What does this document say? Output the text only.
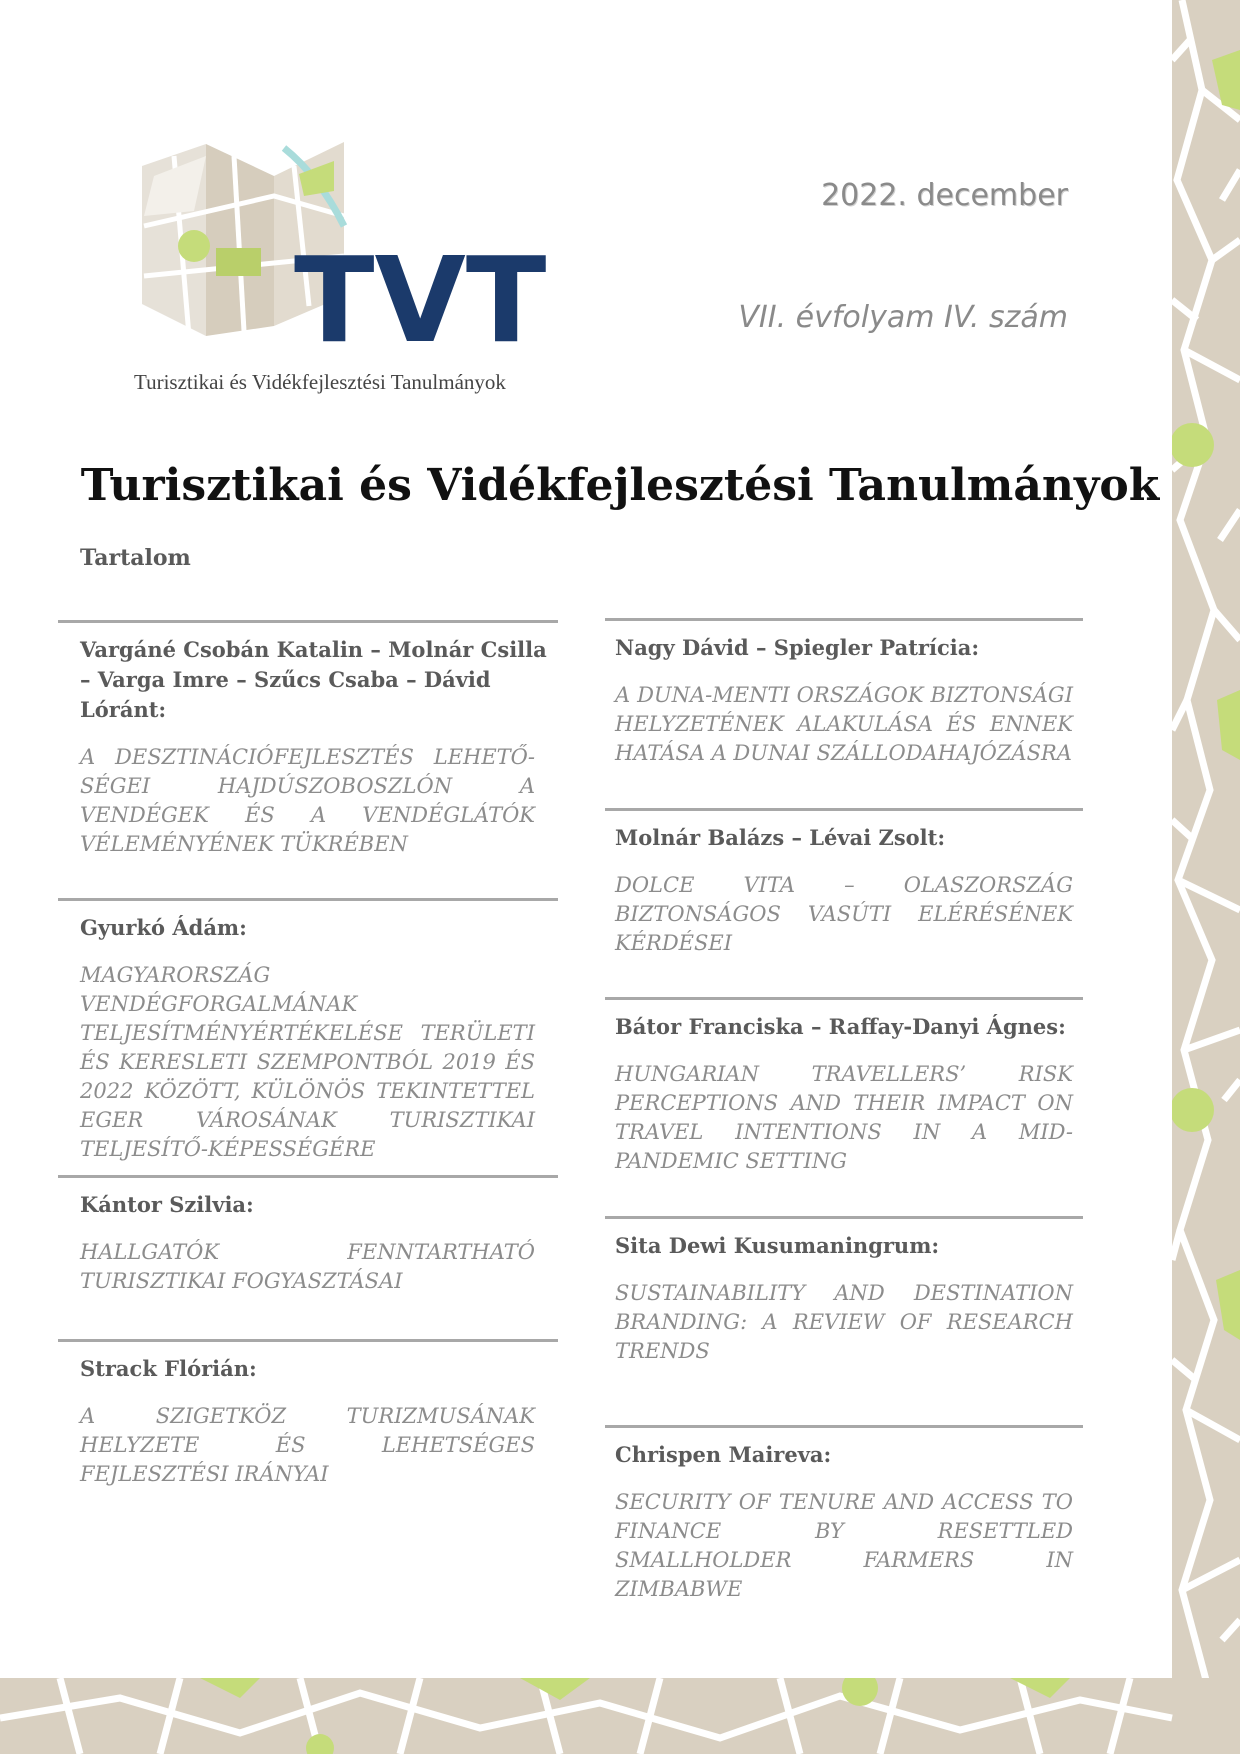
TVT
Turisztikai és Vidékfejlesztési Tanulmányok
2022. december
VII. évfolyam IV. szám
Turisztikai és Vidékfejlesztési Tanulmányok
Tartalom
Vargáné Csobán Katalin – Molnár Csilla – Varga Imre – Szűcs Csaba – Dávid Lóránt:
A DESZTINÁCIÓFEJLESZTÉS LEHETŐ-SÉGEI HAJDÚSZOBOSZLÓN A VENDÉGEK ÉS A VENDÉGLÁTÓK VÉLEMÉNYÉNEK TÜKRÉBEN
Gyurkó Ádám:
MAGYARORSZÁG VENDÉGFORGALMÁNAK TELJESÍTMÉNYÉRTÉKELÉSE TERÜLETI ÉS KERESLETI SZEMPONTBÓL 2019 ÉS 2022 KÖZÖTT, KÜLÖNÖS TEKINTETTEL EGER VÁROSÁNAK TURISZTIKAI TELJESÍTŐ-KÉPESSÉGÉRE
Kántor Szilvia:
HALLGATÓK FENNTARTHATÓ TURISZTIKAI FOGYASZTÁSAI
Strack Flórián:
A SZIGETKÖZ TURIZMUSÁNAK HELYZETE ÉS LEHETSÉGES FEJLESZTÉSI IRÁNYAI
Nagy Dávid – Spiegler Patrícia:
A DUNA-MENTI ORSZÁGOK BIZTONSÁGI HELYZETÉNEK ALAKULÁSA ÉS ENNEK HATÁSA A DUNAI SZÁLLODAHAJÓZÁSRA
Molnár Balázs – Lévai Zsolt:
DOLCE VITA – OLASZORSZÁG BIZTONSÁGOS VASÚTI ELÉRÉSÉNEK KÉRDÉSEI
Bátor Franciska – Raffay-Danyi Ágnes:
HUNGARIAN TRAVELLERS’ RISK PERCEPTIONS AND THEIR IMPACT ON TRAVEL INTENTIONS IN A MID-PANDEMIC SETTING
Sita Dewi Kusumaningrum:
SUSTAINABILITY AND DESTINATION BRANDING: A REVIEW OF RESEARCH TRENDS
Chrispen Maireva:
SECURITY OF TENURE AND ACCESS TO FINANCE BY RESETTLED SMALLHOLDER FARMERS IN ZIMBABWE
